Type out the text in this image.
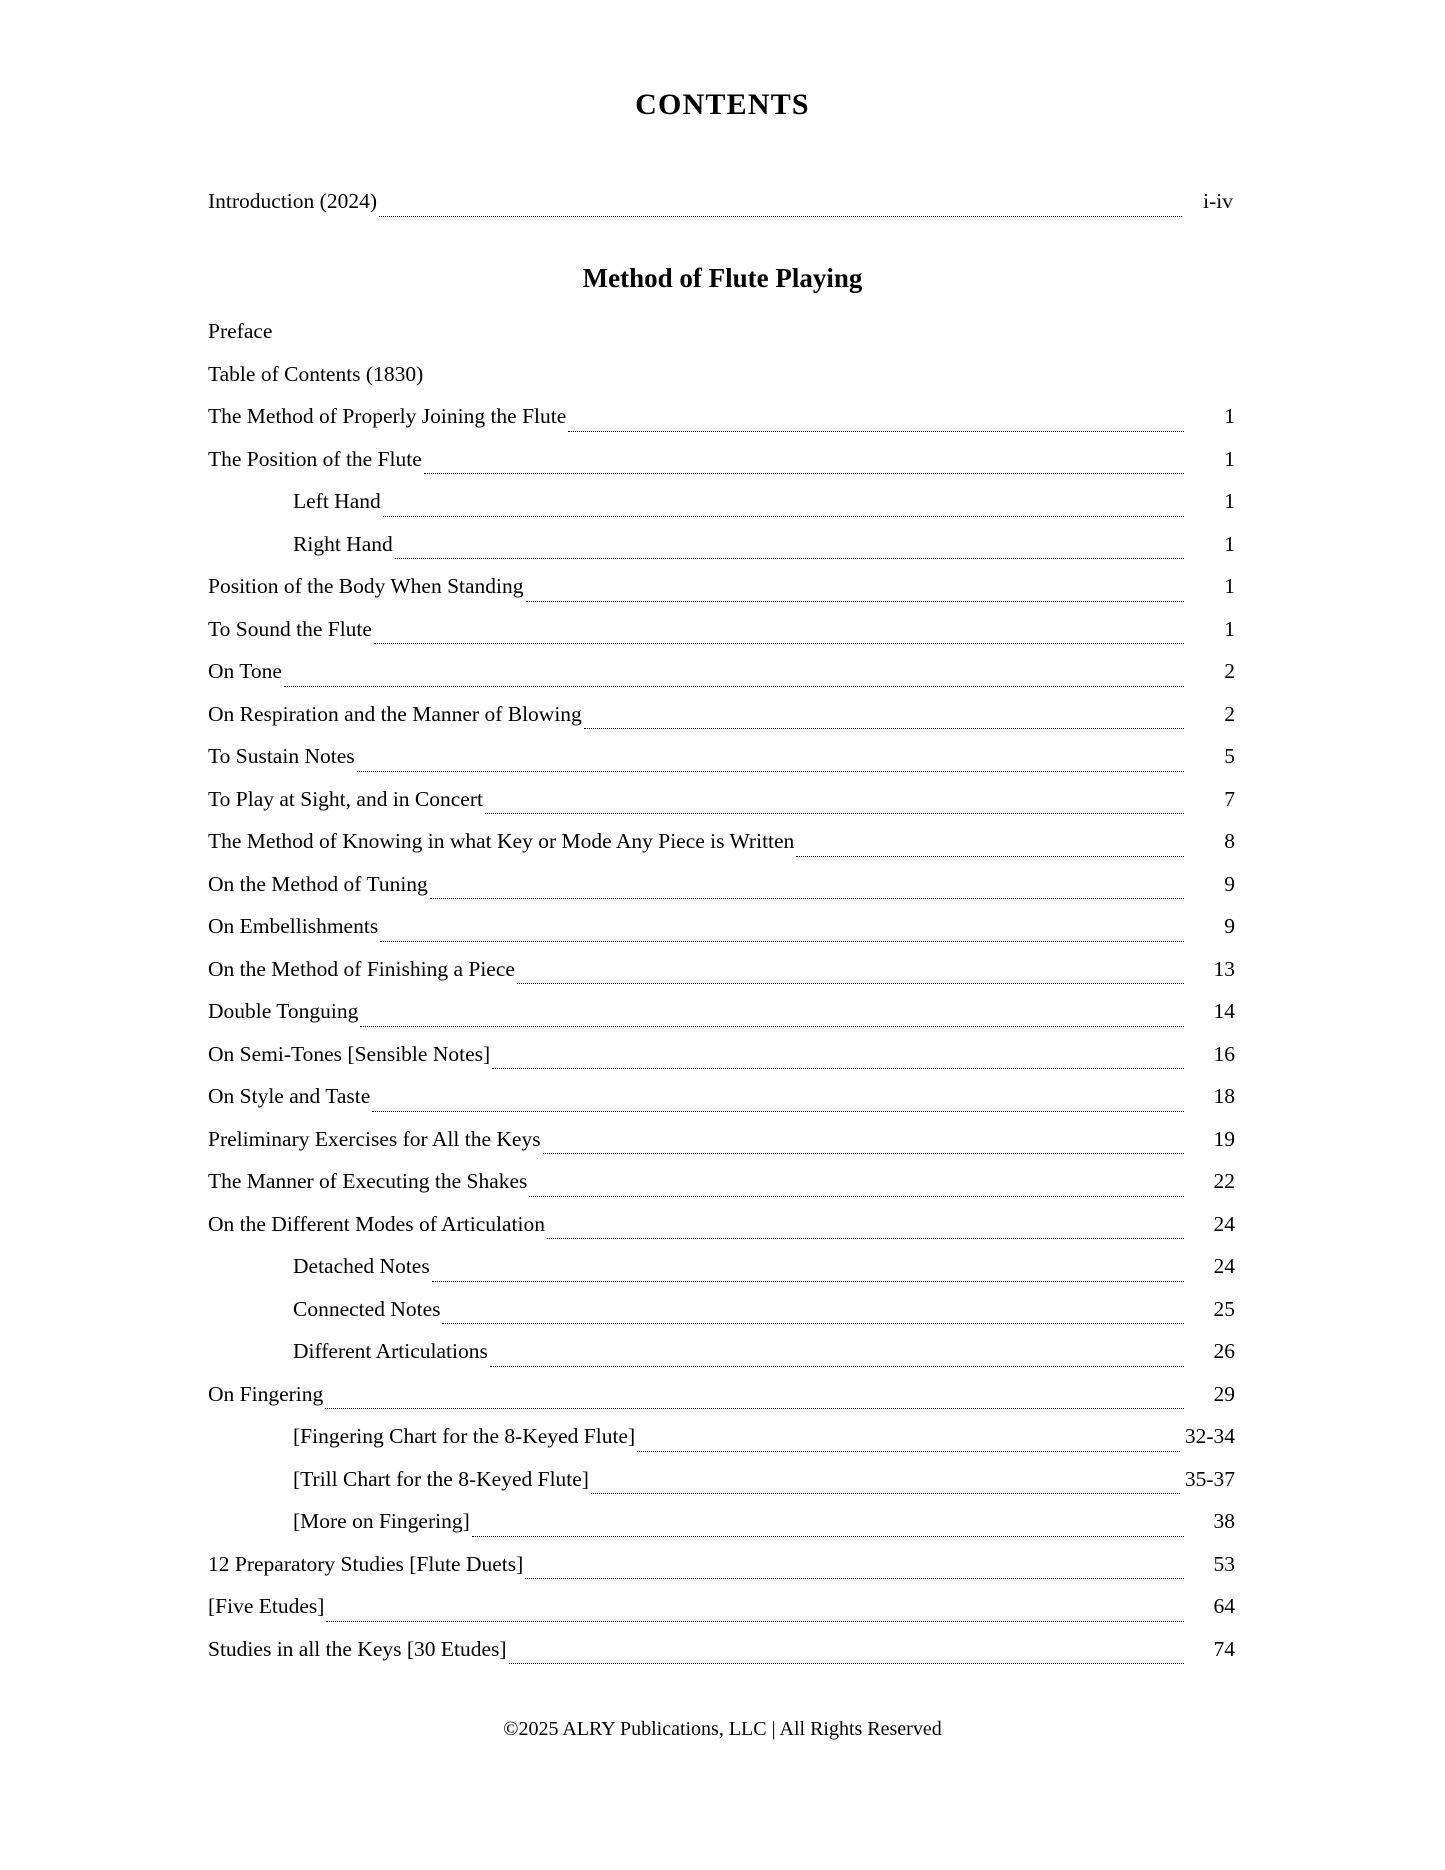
CONTENTS
Introduction (2024)	i-iv
Method of Flute Playing
Preface
Table of Contents (1830)
The Method of Properly Joining the Flute	1
The Position of the Flute	1
Left Hand	1
Right Hand	1
Position of the Body When Standing	1
To Sound the Flute	1
On Tone	2
On Respiration and the Manner of Blowing	2
To Sustain Notes	5
To Play at Sight, and in Concert	7
The Method of Knowing in what Key or Mode Any Piece is Written	8
On the Method of Tuning	9
On Embellishments	9
On the Method of Finishing a Piece	13
Double Tonguing	14
On Semi-Tones [Sensible Notes]	16
On Style and Taste	18
Preliminary Exercises for All the Keys	19
The Manner of Executing the Shakes	22
On the Different Modes of Articulation	24
Detached Notes	24
Connected Notes	25
Different Articulations	26
On Fingering	29
[Fingering Chart for the 8-Keyed Flute]	32-34
[Trill Chart for the 8-Keyed Flute]	35-37
[More on Fingering]	38
12 Preparatory Studies [Flute Duets]	53
[Five Etudes]	64
Studies in all the Keys [30 Etudes]	74
©2025 ALRY Publications, LLC | All Rights Reserved
